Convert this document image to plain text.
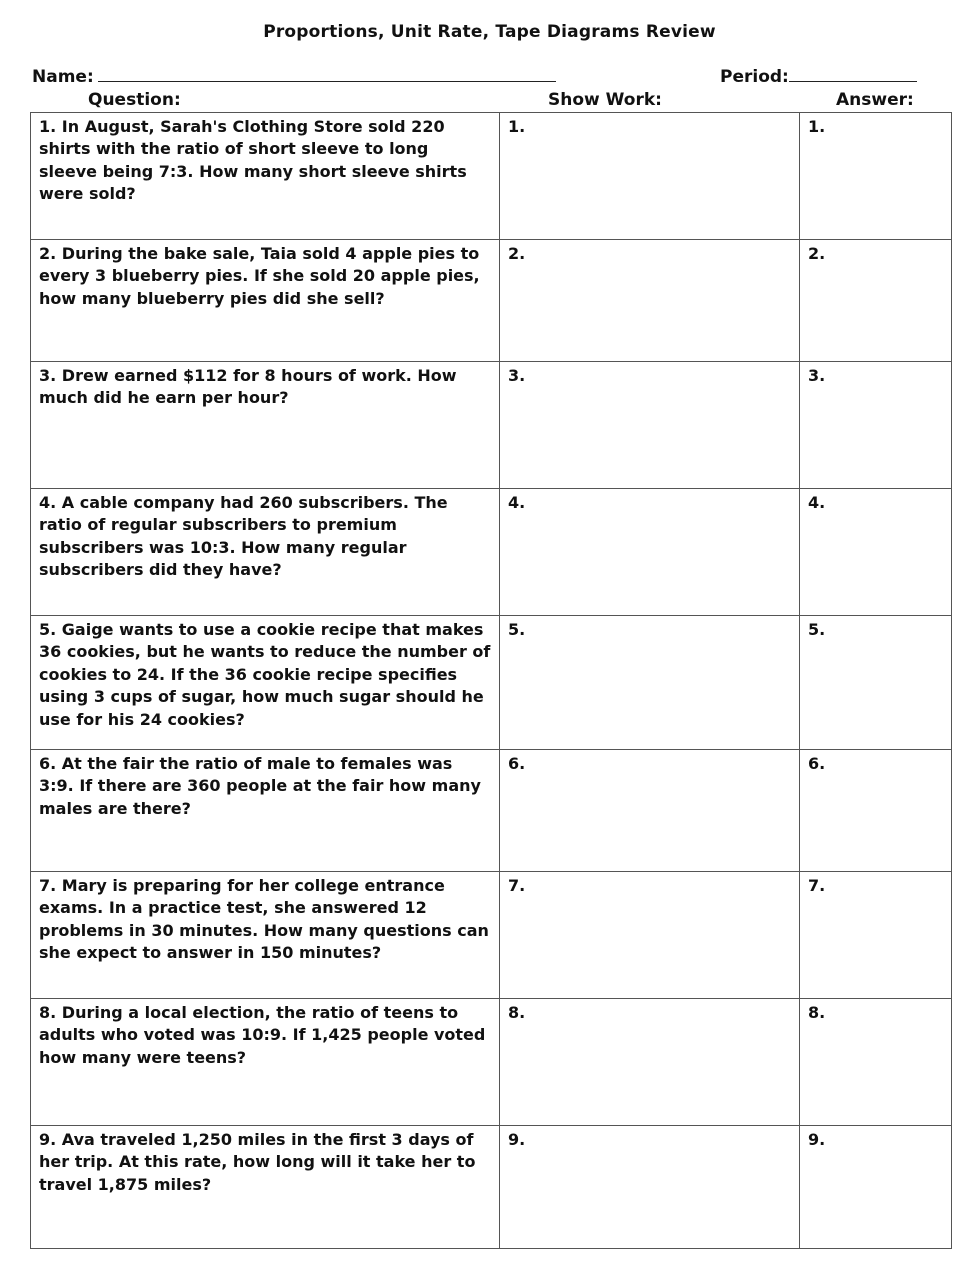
Proportions, Unit Rate, Tape Diagrams Review
Name:	Period:
Question:	Show Work:	Answer:
1. In August, Sarah's Clothing Store sold 220 shirts with the ratio of short sleeve to long sleeve being 7:3. How many short sleeve shirts were sold?	1.	1.
2. During the bake sale, Taia sold 4 apple pies to every 3 blueberry pies. If she sold 20 apple pies, how many blueberry pies did she sell?	2.	2.
3. Drew earned $112 for 8 hours of work. How much did he earn per hour?	3.	3.
4. A cable company had 260 subscribers. The ratio of regular subscribers to premium subscribers was 10:3. How many regular subscribers did they have?	4.	4.
5. Gaige wants to use a cookie recipe that makes 36 cookies, but he wants to reduce the number of cookies to 24. If the 36 cookie recipe specifies using 3 cups of sugar, how much sugar should he use for his 24 cookies?	5.	5.
6. At the fair the ratio of male to females was 3:9. If there are 360 people at the fair how many males are there?	6.	6.
7. Mary is preparing for her college entrance exams. In a practice test, she answered 12 problems in 30 minutes. How many questions can she expect to answer in 150 minutes?	7.	7.
8. During a local election, the ratio of teens to adults who voted was 10:9. If 1,425 people voted how many were teens?	8.	8.
9. Ava traveled 1,250 miles in the first 3 days of her trip. At this rate, how long will it take her to travel 1,875 miles?	9.	9.
